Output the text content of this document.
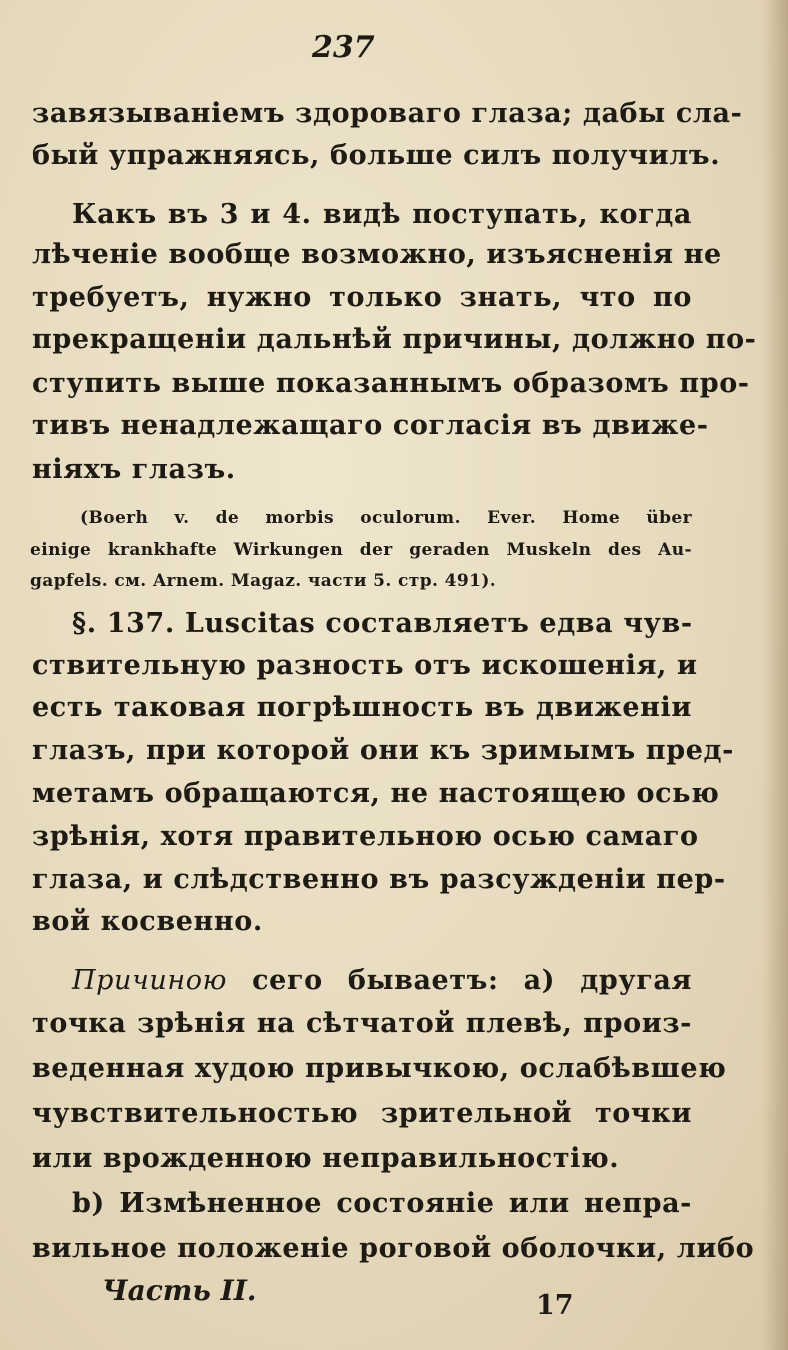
237
завязываніемъ здороваго глаза; дабы сла-
бый упражняясь, больше силъ получилъ.
Какъ въ 3 и 4. видѣ поступать, когда
лѣченіе вообще возможно, изъясненія не
требуетъ, нужно только знать, что по
прекращеніи дальнѣй причины, должно по-
ступить выше показаннымъ образомъ про-
тивъ ненадлежащаго согласія въ движе-
ніяхъ глазъ.
(Boerh v. de morbis oculorum. Ever. Home über
einige krankhafte Wirkungen der geraden Muskeln des Au-
gapfels. см. Arnem. Magaz. части 5. стр. 491).
§. 137. Luscitas составляетъ едва чув-
ствительную разность отъ искошенія, и
есть таковая погрѣшность въ движеніи
глазъ, при которой они къ зримымъ пред-
метамъ обращаются, не настоящею осью
зрѣнія, хотя правительною осью самаго
глаза, и слѣдственно въ разсужденіи пер-
вой косвенно.
Причиною сего бываетъ: a) другая
точка зрѣнія на сѣтчатой плевѣ, произ-
веденная худою привычкою, ослабѣвшею
чувствительностью зрительной точки
или врожденною неправильностію.
b) Измѣненное состояніе или непра-
вильное положеніе роговой оболочки, либо
Часть II.	17
